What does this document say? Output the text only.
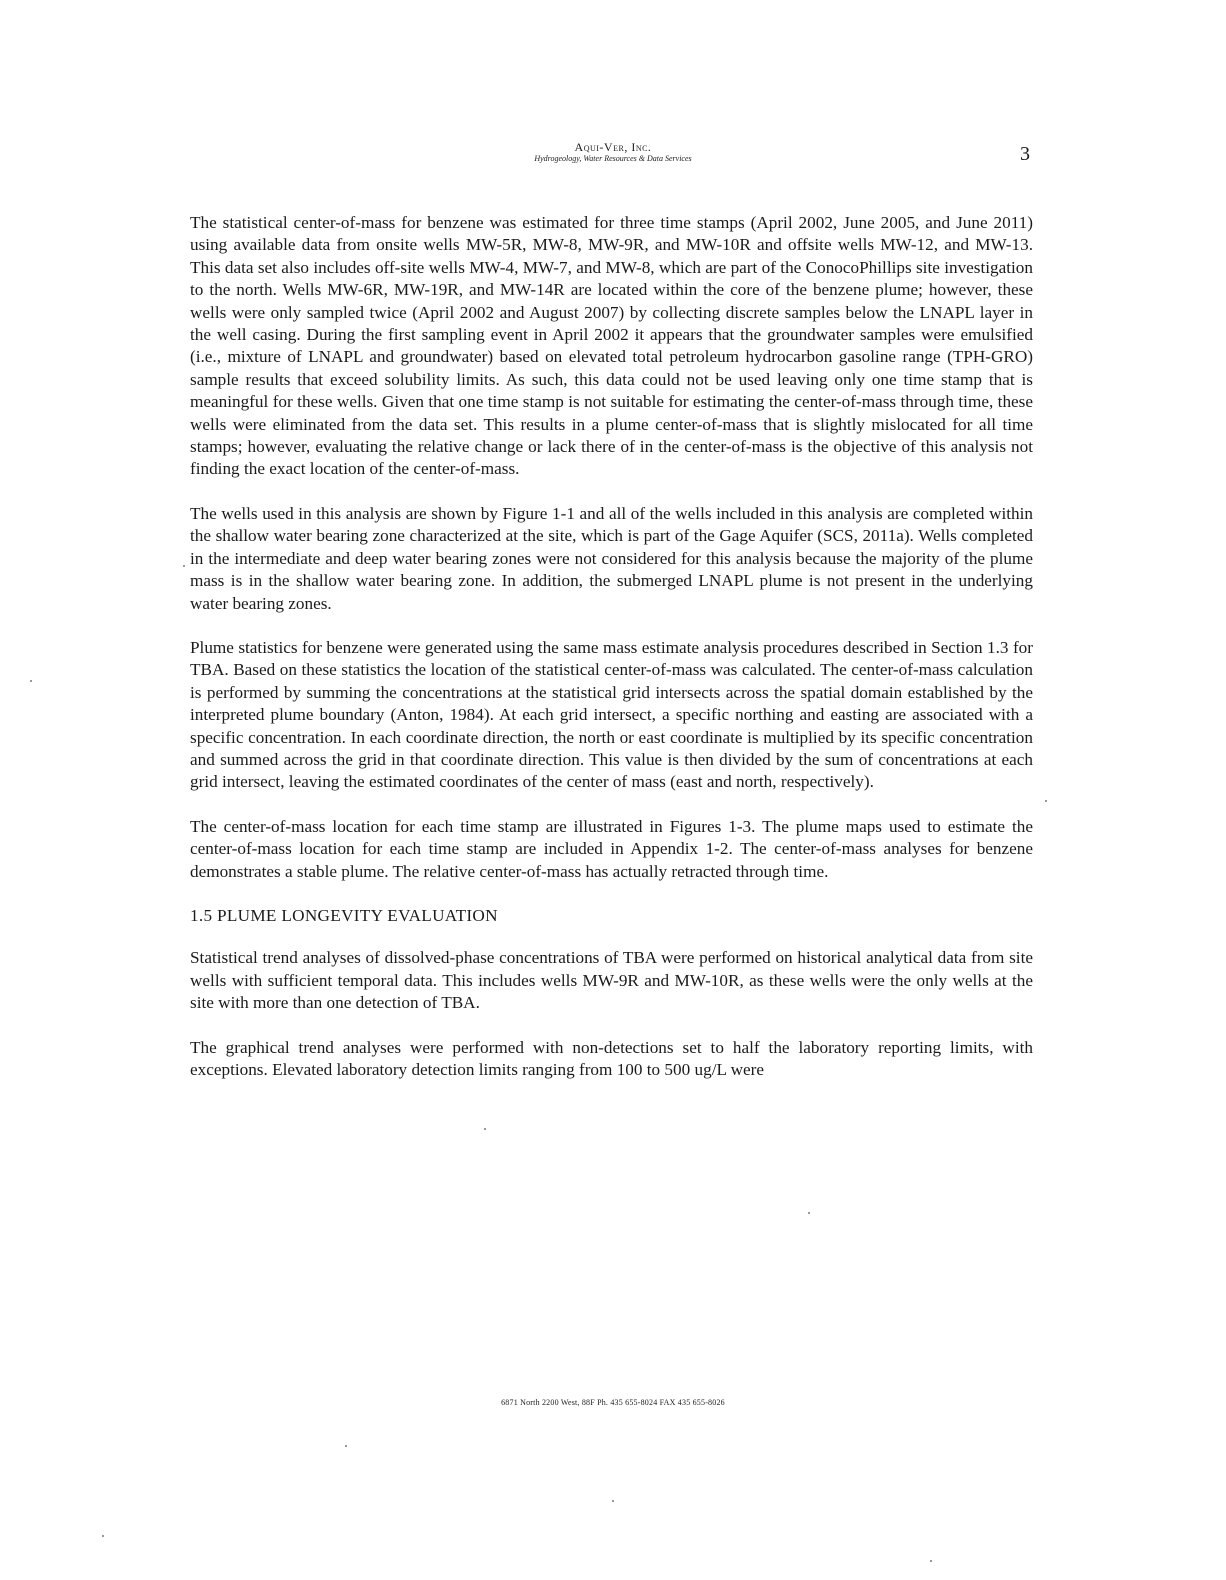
Aqui-Ver, Inc.
Hydrogeology, Water Resources & Data Services	3

The statistical center-of-mass for benzene was estimated for three time stamps (April 2002, June 2005, and June 2011) using available data from onsite wells MW-5R, MW-8, MW-9R, and MW-10R and offsite wells MW-12, and MW-13. This data set also includes off-site wells MW-4, MW-7, and MW-8, which are part of the ConocoPhillips site investigation to the north. Wells MW-6R, MW-19R, and MW-14R are located within the core of the benzene plume; however, these wells were only sampled twice (April 2002 and August 2007) by collecting discrete samples below the LNAPL layer in the well casing. During the first sampling event in April 2002 it appears that the groundwater samples were emulsified (i.e., mixture of LNAPL and groundwater) based on elevated total petroleum hydrocarbon gasoline range (TPH-GRO) sample results that exceed solubility limits. As such, this data could not be used leaving only one time stamp that is meaningful for these wells. Given that one time stamp is not suitable for estimating the center-of-mass through time, these wells were eliminated from the data set. This results in a plume center-of-mass that is slightly mislocated for all time stamps; however, evaluating the relative change or lack there of in the center-of-mass is the objective of this analysis not finding the exact location of the center-of-mass.

The wells used in this analysis are shown by Figure 1-1 and all of the wells included in this analysis are completed within the shallow water bearing zone characterized at the site, which is part of the Gage Aquifer (SCS, 2011a). Wells completed in the intermediate and deep water bearing zones were not considered for this analysis because the majority of the plume mass is in the shallow water bearing zone. In addition, the submerged LNAPL plume is not present in the underlying water bearing zones.

Plume statistics for benzene were generated using the same mass estimate analysis procedures described in Section 1.3 for TBA. Based on these statistics the location of the statistical center-of-mass was calculated. The center-of-mass calculation is performed by summing the concentrations at the statistical grid intersects across the spatial domain established by the interpreted plume boundary (Anton, 1984). At each grid intersect, a specific northing and easting are associated with a specific concentration. In each coordinate direction, the north or east coordinate is multiplied by its specific concentration and summed across the grid in that coordinate direction. This value is then divided by the sum of concentrations at each grid intersect, leaving the estimated coordinates of the center of mass (east and north, respectively).

The center-of-mass location for each time stamp are illustrated in Figures 1-3. The plume maps used to estimate the center-of-mass location for each time stamp are included in Appendix 1-2. The center-of-mass analyses for benzene demonstrates a stable plume. The relative center-of-mass has actually retracted through time.

1.5 PLUME LONGEVITY EVALUATION

Statistical trend analyses of dissolved-phase concentrations of TBA were performed on historical analytical data from site wells with sufficient temporal data. This includes wells MW-9R and MW-10R, as these wells were the only wells at the site with more than one detection of TBA.

The graphical trend analyses were performed with non-detections set to half the laboratory reporting limits, with exceptions. Elevated laboratory detection limits ranging from 100 to 500 ug/L were

6871 North 2200 West, 88F Ph. 435 655-8024 FAX 435 655-8026
